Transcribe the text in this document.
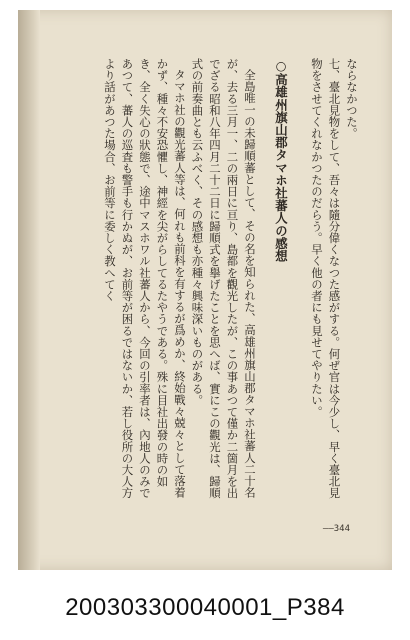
ならなかつた。

七、臺北見物をして、吾々は隨分偉くなつた感がする。何ぜ官は今少し、早く臺北見物をさせてくれなかつたのだらう。早く他の者にも見せてやりたい。

○高雄州旗山郡タマホ社蕃人の感想

全島唯一の未歸順蕃として、その名を知られた、高雄州旗山郡タマホ社蕃人二十名が、去る三月一、二の兩日に亘り、島都を觀光したが、この事あつて僅か二箇月を出でざる昭和八年四月二十二日に歸順式を擧げたことを思へば、實にこの觀光は、歸順式の前奏曲とも云ふべく、その感想も亦種々興味深いものがある。

タマホ社の觀光蕃人等は、何れも前科を有するが爲めか、終始戰々兢々として落着かず、種々不安恐懼し、神經を尖がらしてるたやうである。殊に目社出發の時の如き、全く失心の狀態で、途中マスホワル社蕃人から、今回の引率者は、內地人のみであつて、蕃人の巡査も警手も行かぬが、お前等が困るではないか、若し役所の大人方より話があつた場合、お前等に委しく教へてく

——344
200303300040001_P384
